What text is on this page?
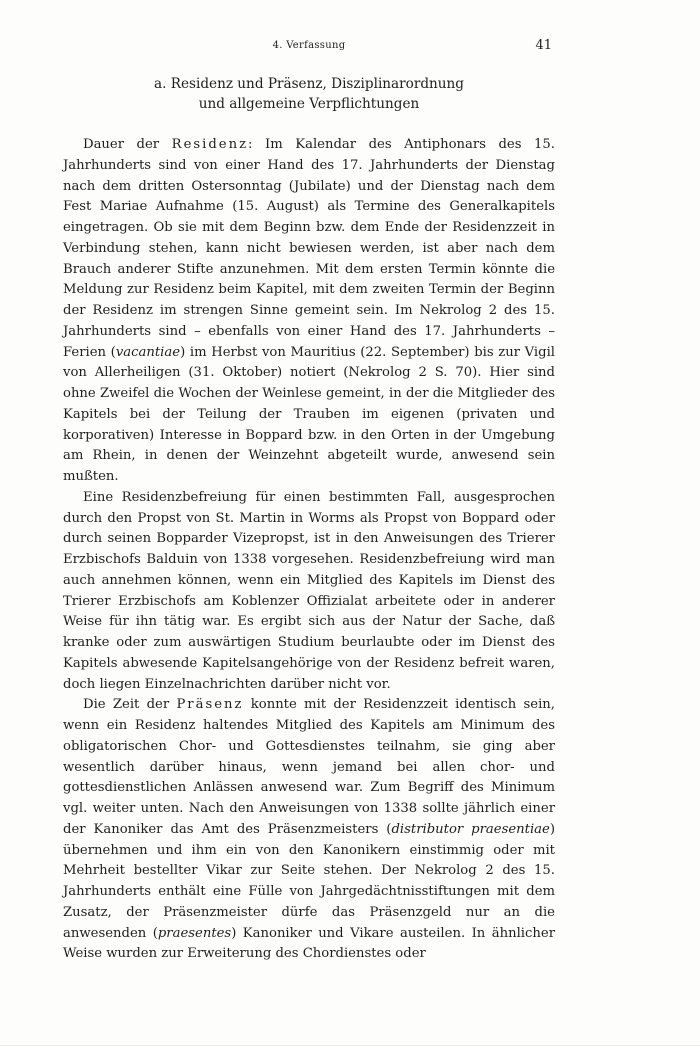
4. Verfassung	41
a. Residenz und Präsenz, Disziplinarordnung
und allgemeine Verpflichtungen

Dauer der Residenz: Im Kalendar des Antiphonars des 15. Jahrhunderts sind von einer Hand des 17. Jahrhunderts der Dienstag nach dem dritten Ostersonntag (Jubilate) und der Dienstag nach dem Fest Mariae Aufnahme (15. August) als Termine des Generalkapitels eingetragen. Ob sie mit dem Beginn bzw. dem Ende der Residenzzeit in Verbindung stehen, kann nicht bewiesen werden, ist aber nach dem Brauch anderer Stifte anzunehmen. Mit dem ersten Termin könnte die Meldung zur Residenz beim Kapitel, mit dem zweiten Termin der Beginn der Residenz im strengen Sinne gemeint sein. Im Nekrolog 2 des 15. Jahrhunderts sind – ebenfalls von einer Hand des 17. Jahrhunderts – Ferien (vacantiae) im Herbst von Mauritius (22. September) bis zur Vigil von Allerheiligen (31. Oktober) notiert (Nekrolog 2 S. 70). Hier sind ohne Zweifel die Wochen der Weinlese gemeint, in der die Mitglieder des Kapitels bei der Teilung der Trauben im eigenen (privaten und korporativen) Interesse in Boppard bzw. in den Orten in der Umgebung am Rhein, in denen der Weinzehnt abgeteilt wurde, anwesend sein mußten.

Eine Residenzbefreiung für einen bestimmten Fall, ausgesprochen durch den Propst von St. Martin in Worms als Propst von Boppard oder durch seinen Bopparder Vizepropst, ist in den Anweisungen des Trierer Erzbischofs Balduin von 1338 vorgesehen. Residenzbefreiung wird man auch annehmen können, wenn ein Mitglied des Kapitels im Dienst des Trierer Erzbischofs am Koblenzer Offizialat arbeitete oder in anderer Weise für ihn tätig war. Es ergibt sich aus der Natur der Sache, daß kranke oder zum auswärtigen Studium beurlaubte oder im Dienst des Kapitels abwesende Kapitelsangehörige von der Residenz befreit waren, doch liegen Einzelnachrichten darüber nicht vor.

Die Zeit der Präsenz konnte mit der Residenzzeit identisch sein, wenn ein Residenz haltendes Mitglied des Kapitels am Minimum des obligatorischen Chor- und Gottesdienstes teilnahm, sie ging aber wesentlich darüber hinaus, wenn jemand bei allen chor- und gottesdienstlichen Anlässen anwesend war. Zum Begriff des Minimum vgl. weiter unten. Nach den Anweisungen von 1338 sollte jährlich einer der Kanoniker das Amt des Präsenzmeisters (distributor praesentiae) übernehmen und ihm ein von den Kanonikern einstimmig oder mit Mehrheit bestellter Vikar zur Seite stehen. Der Nekrolog 2 des 15. Jahrhunderts enthält eine Fülle von Jahrgedächtnisstiftungen mit dem Zusatz, der Präsenzmeister dürfe das Präsenzgeld nur an die anwesenden (praesentes) Kanoniker und Vikare austeilen. In ähnlicher Weise wurden zur Erweiterung des Chordienstes oder
